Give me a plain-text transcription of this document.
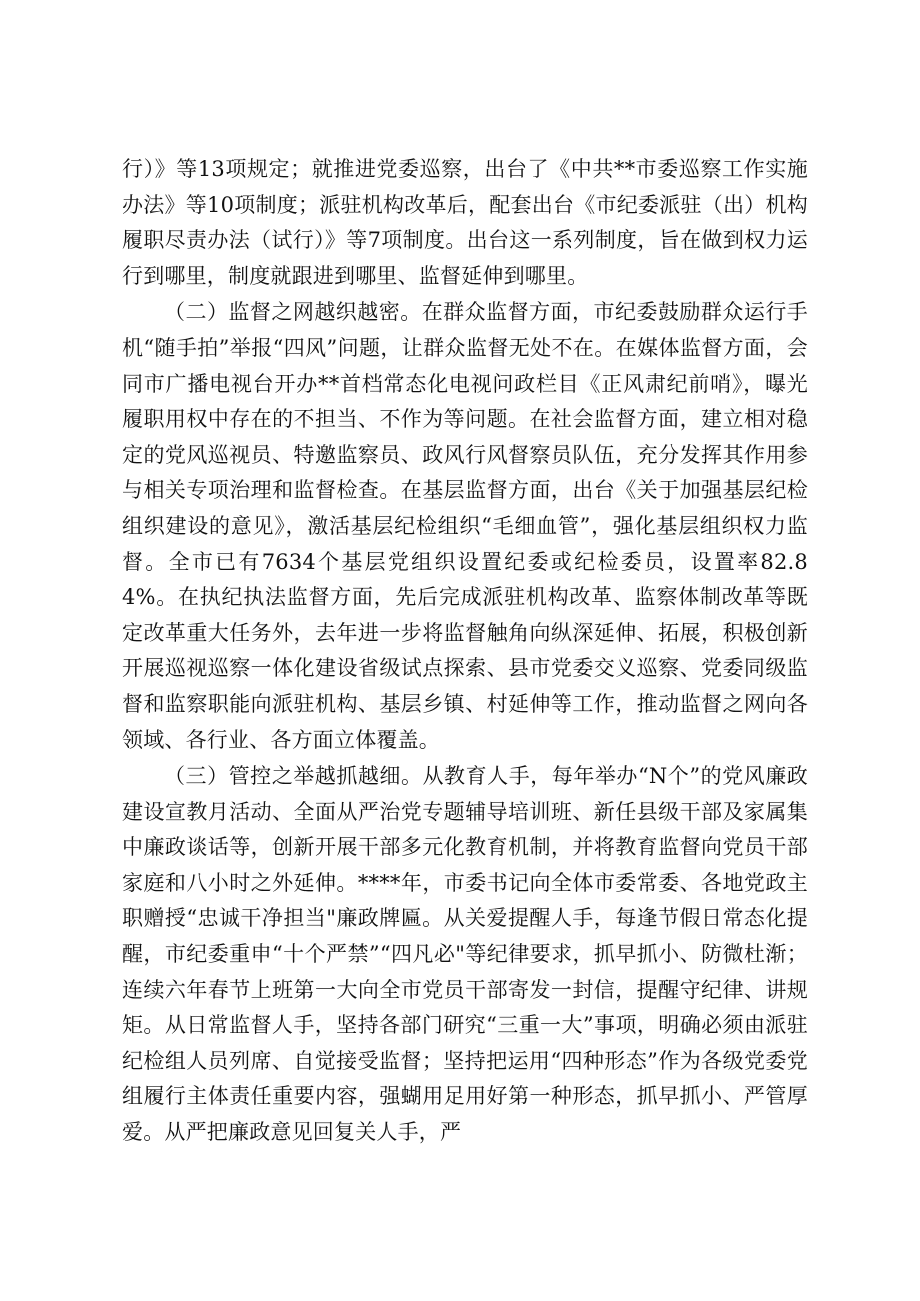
行）》等13项规定；就推进党委巡察，出台了《中共**市委巡察工作实施办法》等10项制度；派驻机构改革后，配套出台《市纪委派驻（出）机构履职尽责办法（试行）》等7项制度。出台这一系列制度，旨在做到权力运行到哪里，制度就跟进到哪里、监督延伸到哪里。

（二）监督之网越织越密。在群众监督方面，市纪委鼓励群众运行手机“随手拍”举报“四风”问题，让群众监督无处不在。在媒体监督方面，会同市广播电视台开办**首档常态化电视问政栏目《正风肃纪前哨》，曝光履职用权中存在的不担当、不作为等问题。在社会监督方面，建立相对稳定的党风巡视员、特邀监察员、政风行风督察员队伍，充分发挥其作用参与相关专项治理和监督检查。在基层监督方面，出台《关于加强基层纪检组织建设的意见》，激活基层纪检组织“毛细血管”，强化基层组织权力监督。全市已有7634个基层党组织设置纪委或纪检委员，设置率82.84%。在执纪执法监督方面，先后完成派驻机构改革、监察体制改革等既定改革重大任务外，去年进一步将监督触角向纵深延伸、拓展，积极创新开展巡视巡察一体化建设省级试点探索、县市党委交义巡察、党委同级监督和监察职能向派驻机构、基层乡镇、村延伸等工作，推动监督之网向各领域、各行业、各方面立体覆盖。

（三）管控之举越抓越细。从教育人手，每年举办“N个”的党风廉政建设宣教月活动、全面从严治党专题辅导培训班、新任县级干部及家属集中廉政谈话等，创新开展干部多元化教育机制，并将教育监督向党员干部家庭和八小时之外延伸。****年，市委书记向全体市委常委、各地党政主职赠授“忠诚干净担当"廉政牌匾。从关爱提醒人手，每逢节假日常态化提醒，市纪委重申“十个严禁”“四凡必"等纪律要求，抓早抓小、防微杜渐；连续六年春节上班第一大向全市党员干部寄发一封信，提醒守纪律、讲规矩。从日常监督人手，坚持各部门研究“三重一大”事项，明确必须由派驻纪检组人员列席、自觉接受监督；坚持把运用“四种形态”作为各级党委党组履行主体责任重要内容，强蝴用足用好第一种形态，抓早抓小、严管厚爱。从严把廉政意见回复关人手，严
